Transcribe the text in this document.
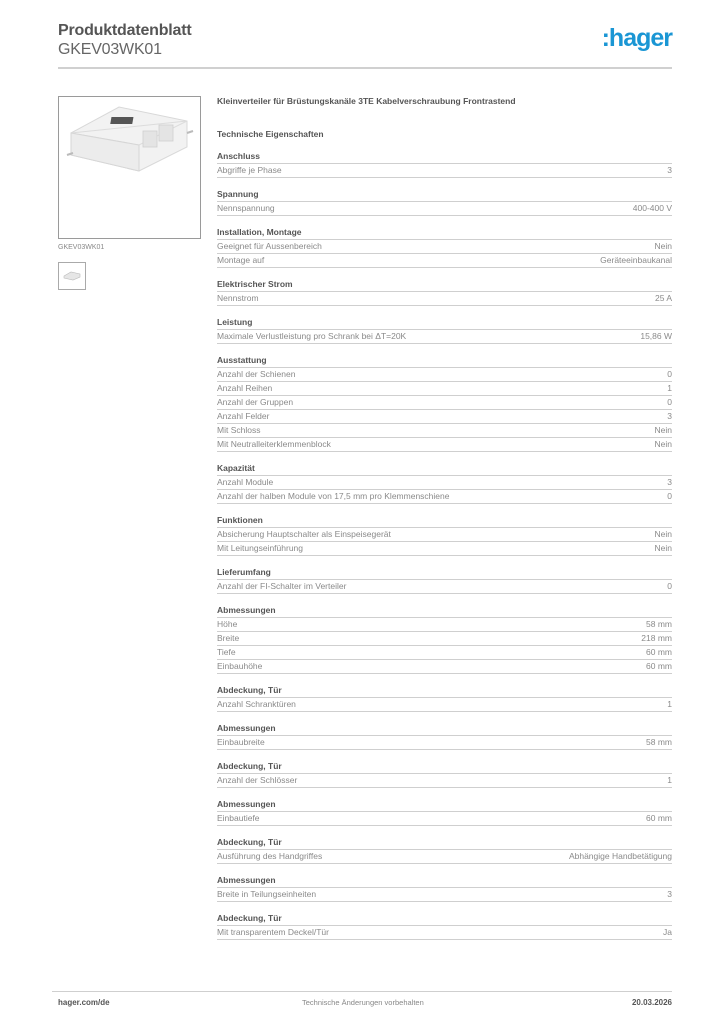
Produktdatenblatt
GKEV03WK01	:hager
GKEV03WK01
Kleinverteiler für Brüstungskanäle 3TE Kabelverschraubung Frontrastend
Technische Eigenschaften
Anschluss
Abgriffe je Phase	3
Spannung
Nennspannung	400-400 V
Installation, Montage
Geeignet für Aussenbereich	Nein
Montage auf	Geräteeinbaukanal
Elektrischer Strom
Nennstrom	25 A
Leistung
Maximale Verlustleistung pro Schrank bei ΔT=20K	15,86 W
Ausstattung
Anzahl der Schienen	0
Anzahl Reihen	1
Anzahl der Gruppen	0
Anzahl Felder	3
Mit Schloss	Nein
Mit Neutralleiterklemmenblock	Nein
Kapazität
Anzahl Module	3
Anzahl der halben Module von 17,5 mm pro Klemmenschiene	0
Funktionen
Absicherung Hauptschalter als Einspeisegerät	Nein
Mit Leitungseinführung	Nein
Lieferumfang
Anzahl der FI-Schalter im Verteiler	0
Abmessungen
Höhe	58 mm
Breite	218 mm
Tiefe	60 mm
Einbauhöhe	60 mm
Abdeckung, Tür
Anzahl Schranktüren	1
Abmessungen
Einbaubreite	58 mm
Abdeckung, Tür
Anzahl der Schlösser	1
Abmessungen
Einbautiefe	60 mm
Abdeckung, Tür
Ausführung des Handgriffes	Abhängige Handbetätigung
Abmessungen
Breite in Teilungseinheiten	3
Abdeckung, Tür
Mit transparentem Deckel/Tür	Ja
hager.com/de	Technische Änderungen vorbehalten	20.03.2026
